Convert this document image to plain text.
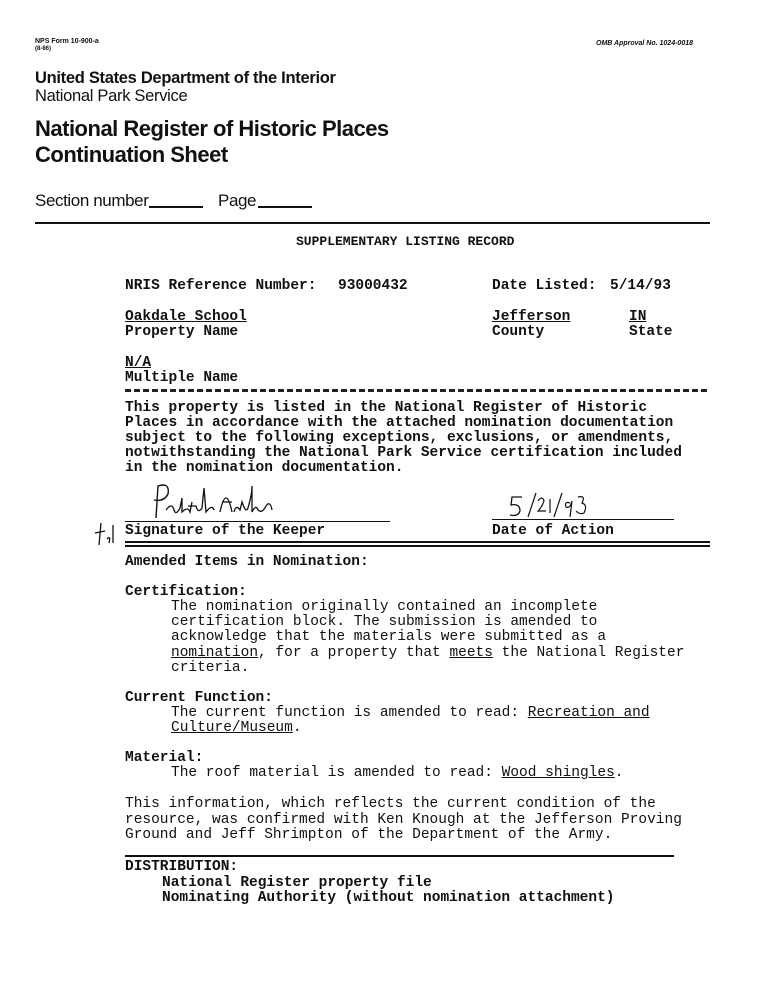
NPS Form 10-900-a
(8-86)
OMB Approval No. 1024-0018
United States Department of the Interior
National Park Service
National Register of Historic Places
Continuation Sheet
Section number	Page
SUPPLEMENTARY LISTING RECORD
NRIS Reference Number: 93000432	Date Listed: 5/14/93
Oakdale School	Jefferson	IN
Property Name	County	State
N/A
Multiple Name
This property is listed in the National Register of Historic
Places in accordance with the attached nomination documentation
subject to the following exceptions, exclusions, or amendments,
notwithstanding the National Park Service certification included
in the nomination documentation.
Signature of the Keeper	Date of Action
Amended Items in Nomination:
Certification:
The nomination originally contained an incomplete
certification block. The submission is amended to
acknowledge that the materials were submitted as a
nomination, for a property that meets the National Register
criteria.
Current Function:
The current function is amended to read: Recreation and
Culture/Museum.
Material:
The roof material is amended to read: Wood shingles.
This information, which reflects the current condition of the
resource, was confirmed with Ken Knough at the Jefferson Proving
Ground and Jeff Shrimpton of the Department of the Army.
DISTRIBUTION:
National Register property file
Nominating Authority (without nomination attachment)
